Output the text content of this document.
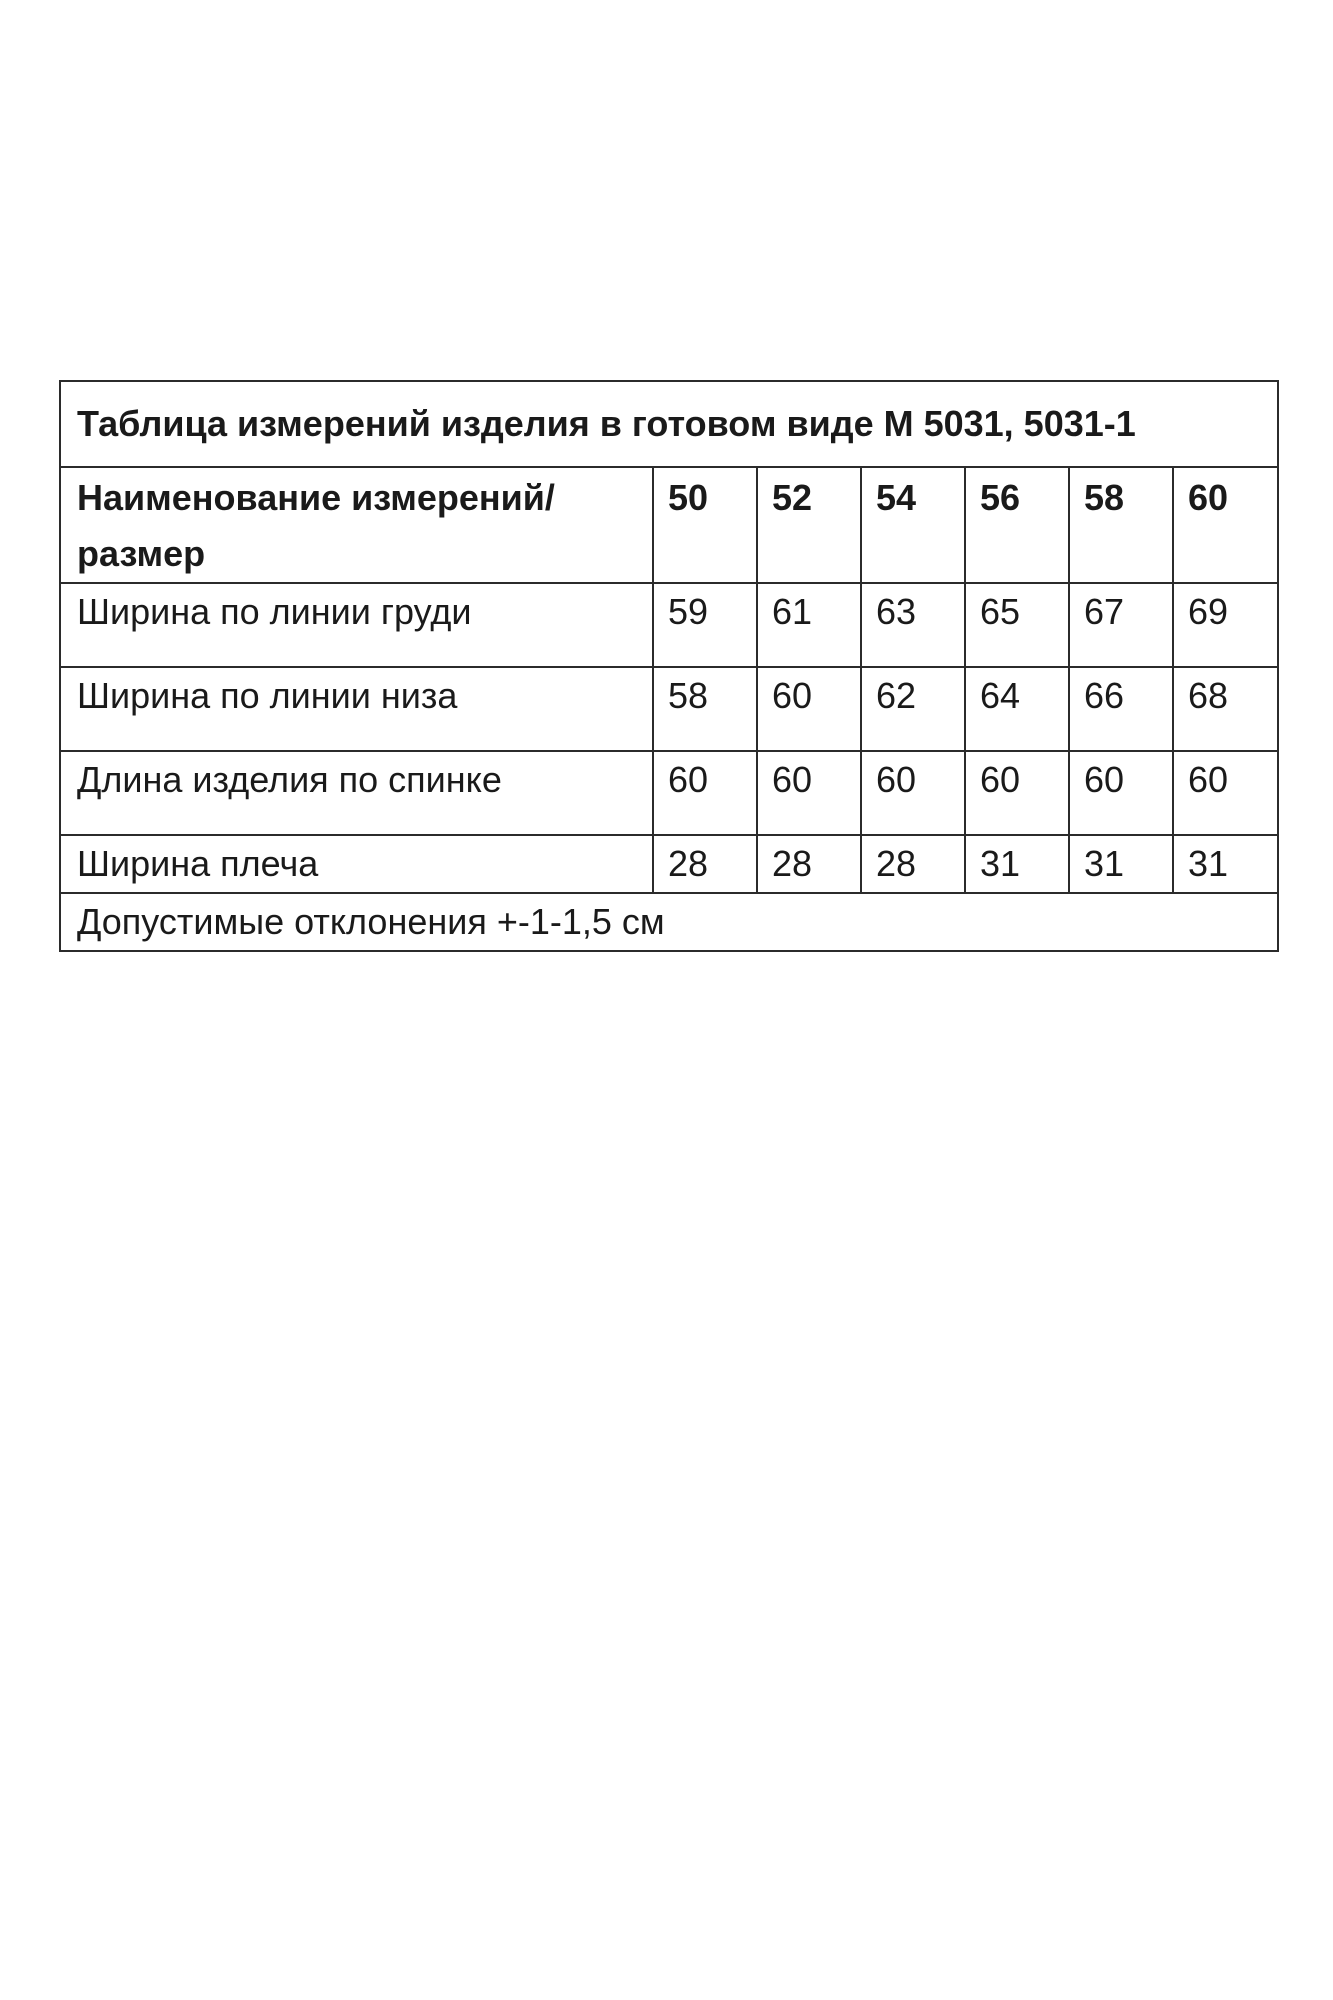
Таблица измерений изделия в готовом виде М 5031, 5031-1						
Наименование измерений/размер	50	52	54	56	58	60
Ширина по линии груди	59	61	63	65	67	69
Ширина по линии низа	58	60	62	64	66	68
Длина изделия по спинке	60	60	60	60	60	60
Ширина плеча	28	28	28	31	31	31
Допустимые отклонения +-1-1,5 см						
